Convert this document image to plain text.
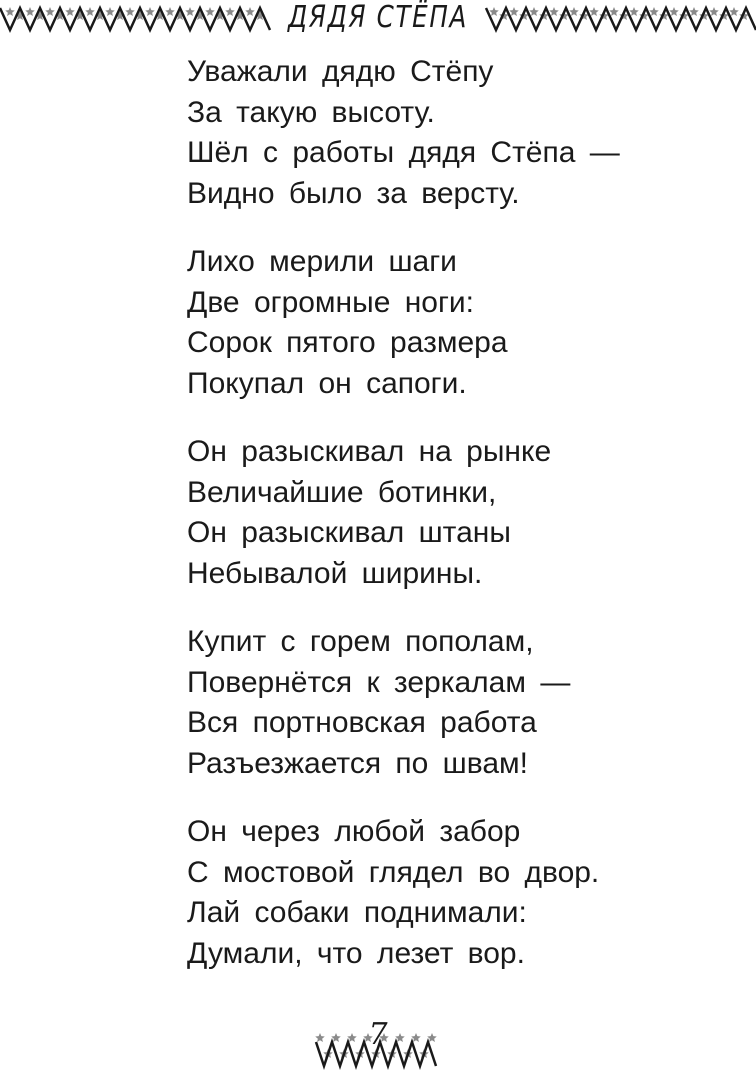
ДЯДЯ СТЁПА
Уважали дядю Стёпу
За такую высоту.
Шёл с работы дядя Стёпа —
Видно было за версту.
Лихо мерили шаги
Две огромные ноги:
Сорок пятого размера
Покупал он сапоги.
Он разыскивал на рынке
Величайшие ботинки,
Он разыскивал штаны
Небывалой ширины.
Купит с горем пополам,
Повернётся к зеркалам —
Вся портновская работа
Разъезжается по швам!
Он через любой забор
С мостовой глядел во двор.
Лай собаки поднимали:
Думали, что лезет вор.
7
